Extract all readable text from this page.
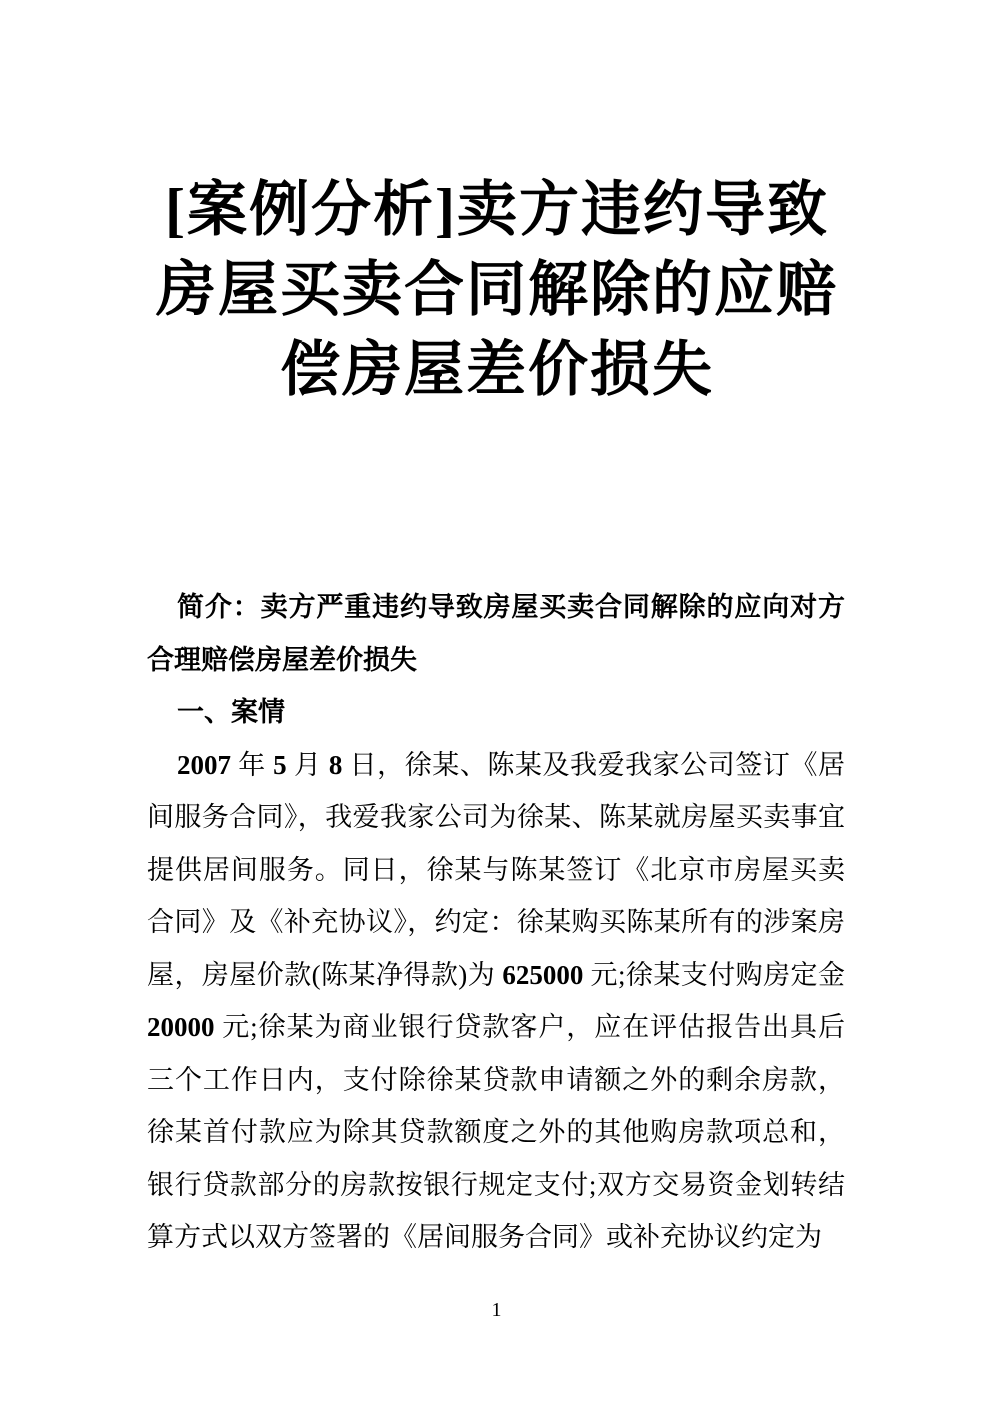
[案例分析]卖方违约导致
房屋买卖合同解除的应赔
偿房屋差价损失

简介：卖方严重违约导致房屋买卖合同解除的应向对方合理赔偿房屋差价损失

一、案情

2007 年 5 月 8 日，徐某、陈某及我爱我家公司签订《居间服务合同》，我爱我家公司为徐某、陈某就房屋买卖事宜提供居间服务。同日，徐某与陈某签订《北京市房屋买卖合同》及《补充协议》，约定：徐某购买陈某所有的涉案房屋，房屋价款(陈某净得款)为 625000 元;徐某支付购房定金 20000 元;徐某为商业银行贷款客户，应在评估报告出具后三个工作日内，支付除徐某贷款申请额之外的剩余房款，徐某首付款应为除其贷款额度之外的其他购房款项总和，银行贷款部分的房款按银行规定支付;双方交易资金划转结算方式以双方签署的《居间服务合同》或补充协议约定为

1
